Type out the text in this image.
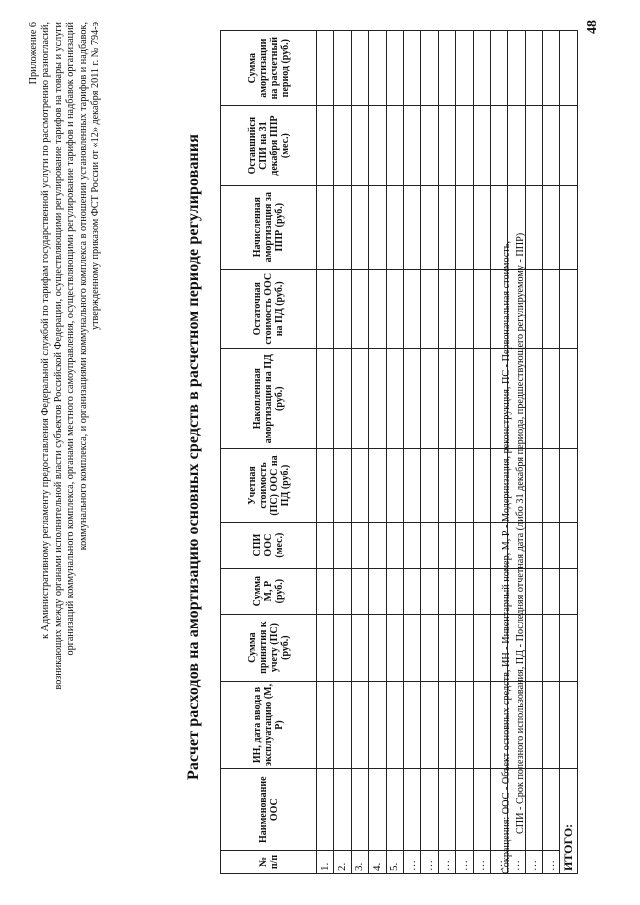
Приложение 6 к Административному регламенту предоставления Федеральной службой по тарифам государственной услуги по рассмотрению разногласий, возникающих между органами исполнительной власти субъектов Российской Федерации, осуществляющими регулирование тарифов на товары и услуги организаций коммунального комплекса, органами местного самоуправления, осуществляющими регулирование тарифов и надбавок организаций коммунального комплекса, и организациями коммунального комплекса в отношении установленных тарифов и надбавок, утвержденному приказом ФСТ России от «12» декабря 2011 г. № 794-э	Расчет расходов на амортизацию основных средств в расчетном периоде регулирования
№ п/п	Наименование ООС	ИН, дата ввода в эксплуатацию (М, Р)	Сумма принятия к учету (ПС) (руб.)	Сумма М, Р (руб.)	СПИ ООС (мес.)	Учетная стоимость (ПС) ООС на ПД (руб.)	Накопленная амортизация на ПД (руб.)	Остаточная стоимость ООС на ПД (руб.)	Начисленная амортизация за ППР (руб.)	Оставшийся СПИ на 31 декабря ППР (мес.)	Сумма амортизации на расчетный период (руб.)
1.											
2.											
3.											
4.											
5.											
…											
…											
…											
…											
…											
…											
…											
…											
…											
ИТОГО:											
Сокращения: ООС - Объект основных средств, ИН - Инвентарный номер, М, Р - Модернизация, реконструкция, ПС - Первоначальная стоимость, СПИ - Срок полезного использования, ПД - Последняя отчетная дата (либо 31 декабря периода, предшествующего регулируемому - ППР)
48
